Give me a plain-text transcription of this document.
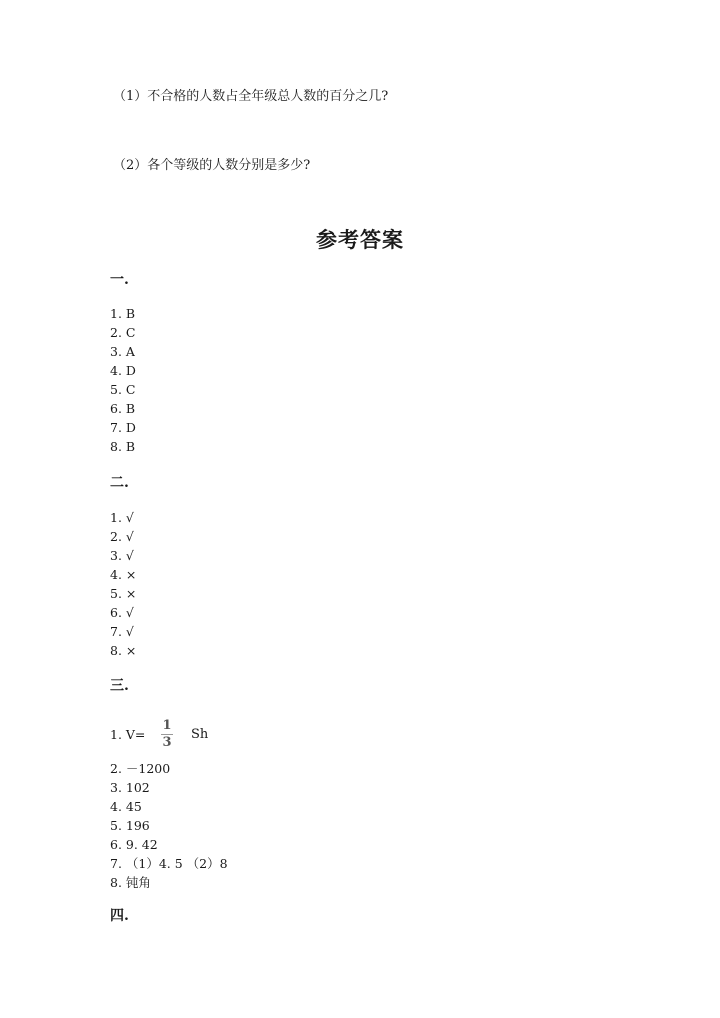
（1）不合格的人数占全年级总人数的百分之几?
（2）各个等级的人数分别是多少?
参考答案
一.
1. B
2. C
3. A
4. D
5. C
6. B
7. D
8. B
二.
1. √
2. √
3. √
4. ×
5. ×
6. √
7. √
8. ×
三.
1. V=
1
3
Sh
2. －1200
3. 102
4. 45
5. 196
6. 9. 42
7. （1）4. 5 （2）8
8. 钝角
四.
